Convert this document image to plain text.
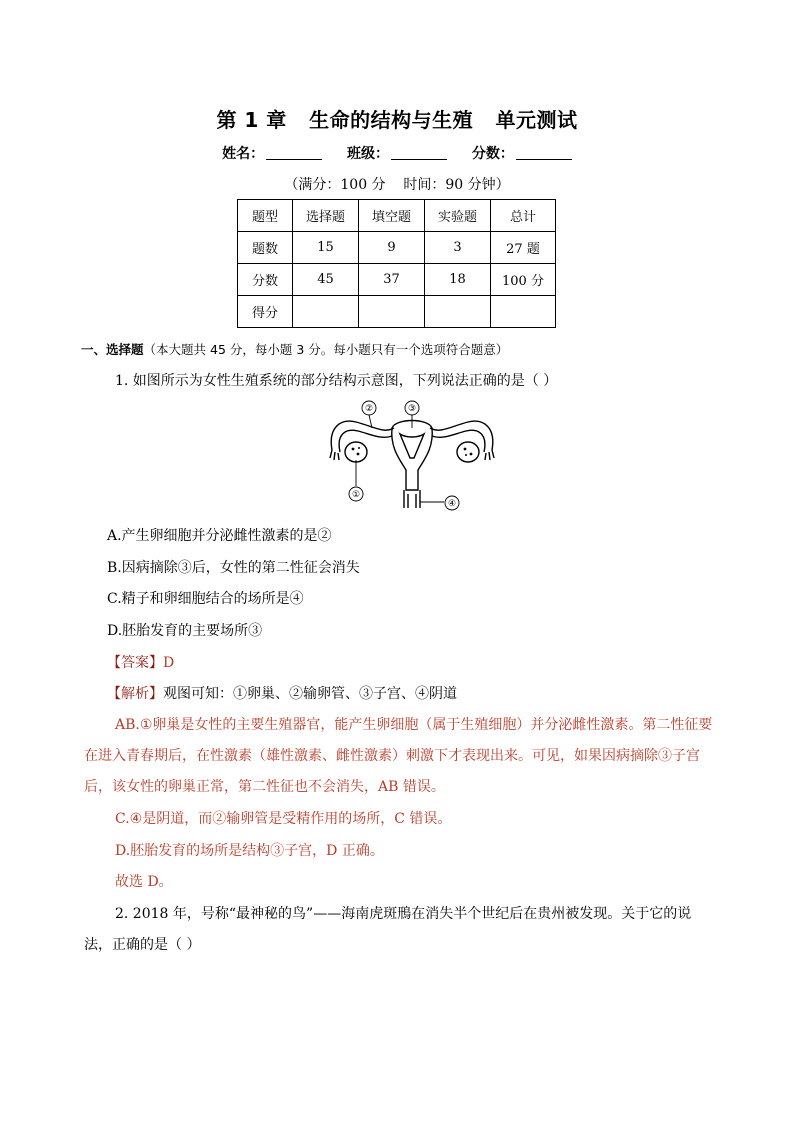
第 1 章   生命的结构与生殖   单元测试
姓名：	班级：	分数：
（满分：100 分    时间：90 分钟）
题型	选择题	填空题	实验题	总计
题数	15	9	3	27 题
分数	45	37	18	100 分
得分				
一、选择题（本大题共 45 分，每小题 3 分。每小题只有一个选项符合题意）
1. 如图所示为女性生殖系统的部分结构示意图，下列说法正确的是（ ）
②	③
①
④
A.产生卵细胞并分泌雌性激素的是②
B.因病摘除③后，女性的第二性征会消失
C.精子和卵细胞结合的场所是④
D.胚胎发育的主要场所③
【答案】D
【解析】观图可知：①卵巢、②输卵管、③子宫、④阴道
AB.①卵巢是女性的主要生殖器官，能产生卵细胞（属于生殖细胞）并分泌雌性激素。第二性征要
在进入青春期后，在性激素（雄性激素、雌性激素）刺激下才表现出来。可见，如果因病摘除③子宫
后，该女性的卵巢正常，第二性征也不会消失，AB 错误。
C.④是阴道，而②输卵管是受精作用的场所，C 错误。
D.胚胎发育的场所是结构③子宫，D 正确。
故选 D。
2. 2018 年，号称“最神秘的鸟”——海南虎斑鳽在消失半个世纪后在贵州被发现。关于它的说
法，正确的是（ ）
